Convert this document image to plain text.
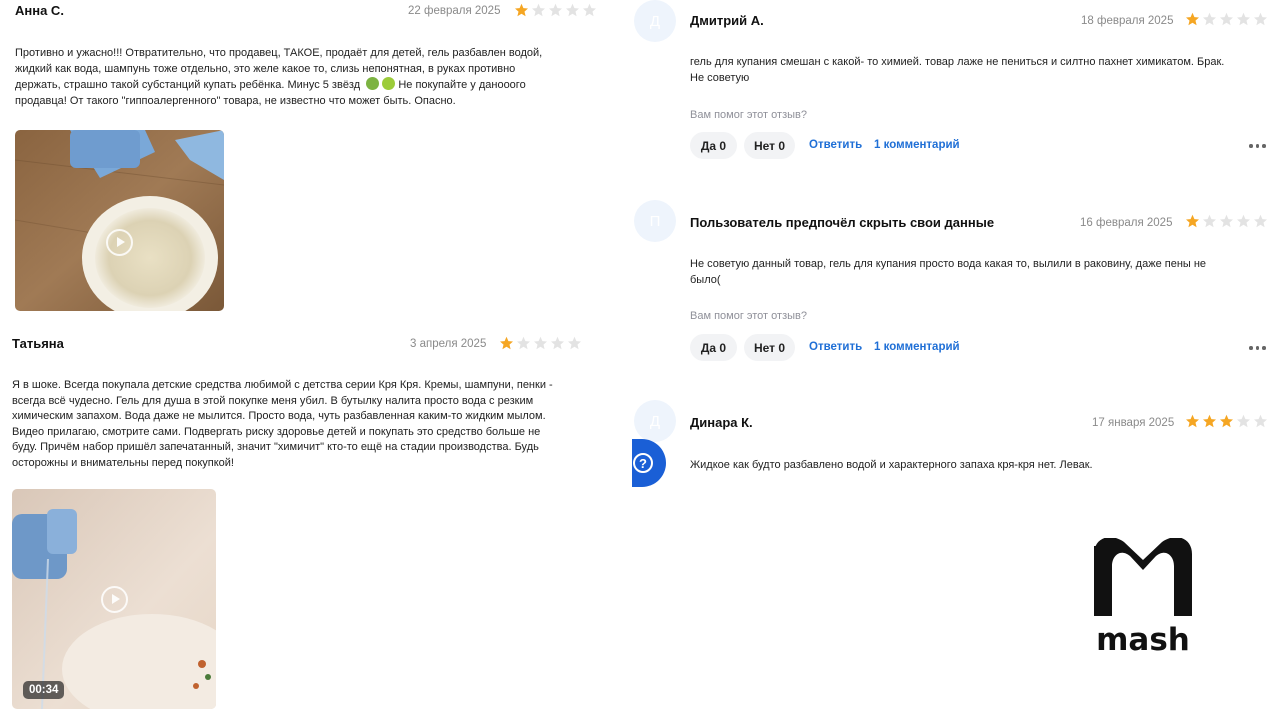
Анна С.	22 февраля 2025
Противно и ужасно!!! Отвратительно, что продавец, ТАКОЕ, продаёт для детей, гель разбавлен водой,
жидкий как вода, шампунь тоже отдельно, это желе какое то, слизь непонятная, в руках противно
держать, страшно такой субстанций купать ребёнка. Минус 5 звёзд	Не покупайте у данооого
продавца! От такого "гиппоалергенного" товара, не известно что может быть. Опасно.
Татьяна	3 апреля 2025
Я в шоке. Всегда покупала детские средства любимой с детства серии Кря Кря. Кремы, шампуни, пенки -
всегда всё чудесно. Гель для душа в этой покупке меня убил. В бутылку налита просто вода с резким
химическим запахом. Вода даже не мылится. Просто вода, чуть разбавленная каким-то жидким мылом.
Видео прилагаю, смотрите сами. Подвергать риску здоровье детей и покупать это средство больше не
буду. Причём набор пришёл запечатанный, значит "химичит" кто-то ещё на стадии производства. Будь
осторожны и внимательны перед покупкой!
00:34
Д Дмитрий А.	18 февраля 2025
гель для купания смешан с какой- то химией. товар лаже не пениться и силтно пахнет химикатом. Брак.
Не советую
Вам помог этот отзыв?
Да 0	Нет 0	Ответить 1 комментарий
П Пользователь предпочёл скрыть свои данные	16 февраля 2025
Не советую данный товар, гель для купания просто вода какая то, вылили в раковину, даже пены не
было(
Вам помог этот отзыв?
Да 0	Нет 0	Ответить 1 комментарий
Д Динара К.	17 января 2025
Жидкое как будто разбавлено водой и характерного запаха кря-кря нет. Левак.
?
mash
